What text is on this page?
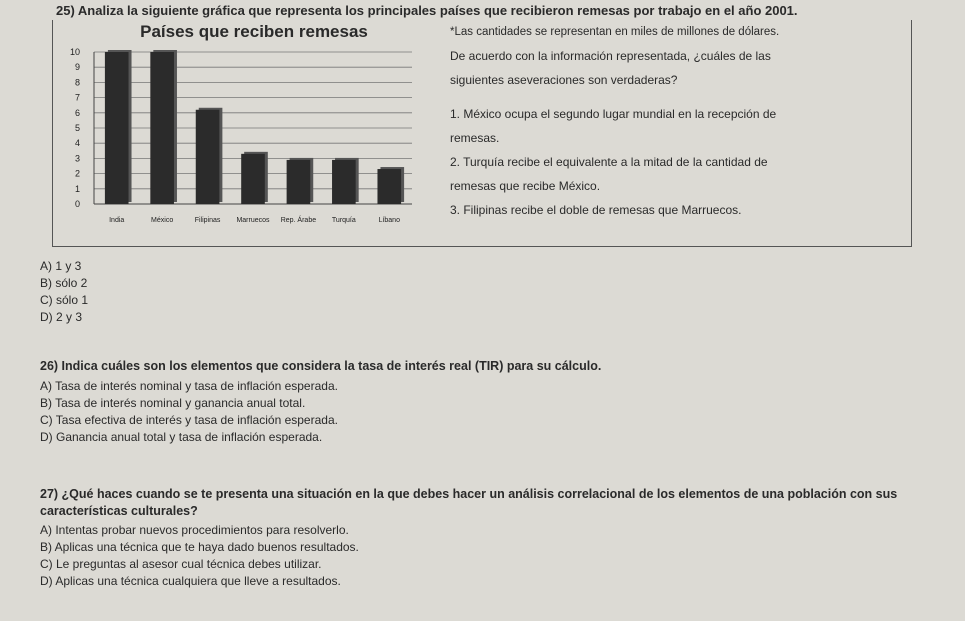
25) Analiza la siguiente gráfica que representa los principales países que recibieron remesas por trabajo en el año 2001.
Países que reciben remesas
0
1
2
3
4
5
6
7
8
9
10
India	México	Filipinas Marruecos Rep. Árabe Turquía	Líbano

*Las cantidades se representan en miles de millones de dólares.

De acuerdo con la información representada, ¿cuáles de las

siguientes aseveraciones son verdaderas?

1. México ocupa el segundo lugar mundial en la recepción de

remesas.

2. Turquía recibe el equivalente a la mitad de la cantidad de

remesas que recibe México.

3. Filipinas recibe el doble de remesas que Marruecos.

A) 1 y 3
B) sólo 2
C) sólo 1
D) 2 y 3
26) Indica cuáles son los elementos que considera la tasa de interés real (TIR) para su cálculo.
A) Tasa de interés nominal y tasa de inflación esperada.
B) Tasa de interés nominal y ganancia anual total.
C) Tasa efectiva de interés y tasa de inflación esperada.
D) Ganancia anual total y tasa de inflación esperada.
27) ¿Qué haces cuando se te presenta una situación en la que debes hacer un análisis correlacional de los elementos de una población con sus características culturales?
A) Intentas probar nuevos procedimientos para resolverlo.
B) Aplicas una técnica que te haya dado buenos resultados.
C) Le preguntas al asesor cual técnica debes utilizar.
D) Aplicas una técnica cualquiera que lleve a resultados.
